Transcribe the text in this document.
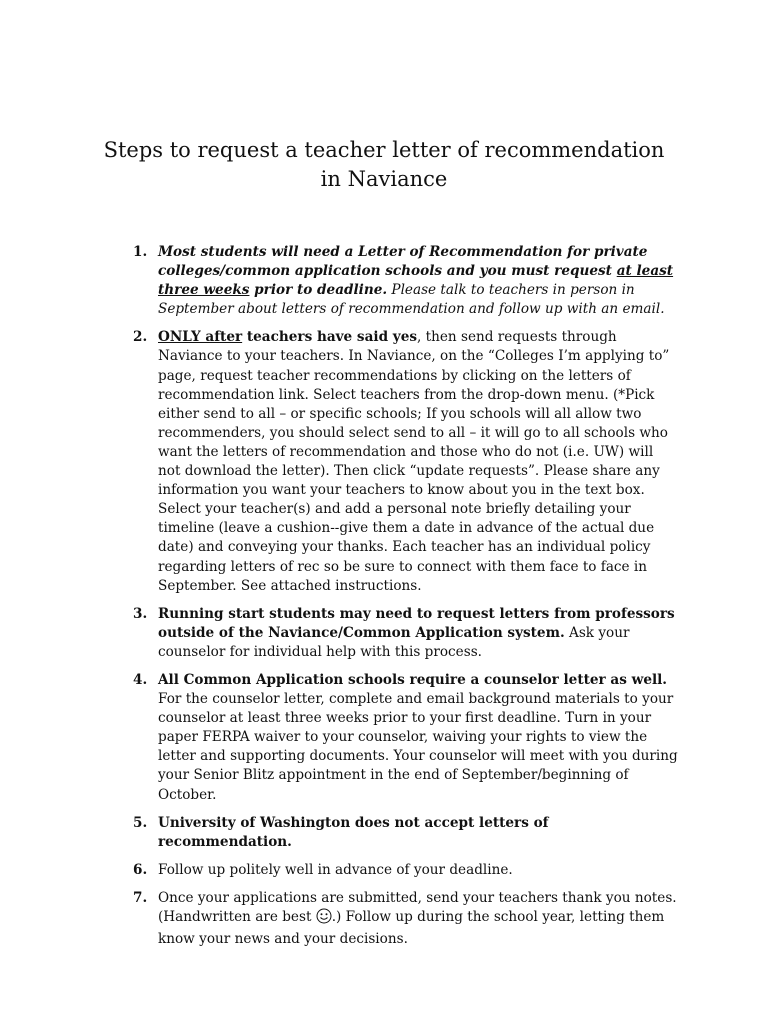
Steps to request a teacher letter of recommendation in Naviance
1. Most students will need a Letter of Recommendation for private colleges/common application schools and you must request at least three weeks prior to deadline. Please talk to teachers in person in September about letters of recommendation and follow up with an email.
2. ONLY after teachers have said yes, then send requests through Naviance to your teachers. In Naviance, on the “Colleges I’m applying to” page, request teacher recommendations by clicking on the letters of recommendation link. Select teachers from the drop-down menu. (*Pick either send to all – or specific schools; If you schools will all allow two recommenders, you should select send to all – it will go to all schools who want the letters of recommendation and those who do not (i.e. UW) will not download the letter). Then click “update requests”. Please share any information you want your teachers to know about you in the text box. Select your teacher(s) and add a personal note briefly detailing your timeline (leave a cushion--give them a date in advance of the actual due date) and conveying your thanks. Each teacher has an individual policy regarding letters of rec so be sure to connect with them face to face in September. See attached instructions.
3. Running start students may need to request letters from professors outside of the Naviance/Common Application system. Ask your counselor for individual help with this process.
4. All Common Application schools require a counselor letter as well. For the counselor letter, complete and email background materials to your counselor at least three weeks prior to your first deadline. Turn in your paper FERPA waiver to your counselor, waiving your rights to view the letter and supporting documents. Your counselor will meet with you during your Senior Blitz appointment in the end of September/beginning of October.
5. University of Washington does not accept letters of recommendation.
6. Follow up politely well in advance of your deadline.
7. Once your applications are submitted, send your teachers thank you notes. (Handwritten are best .) Follow up during the school year, letting them know your news and your decisions.
